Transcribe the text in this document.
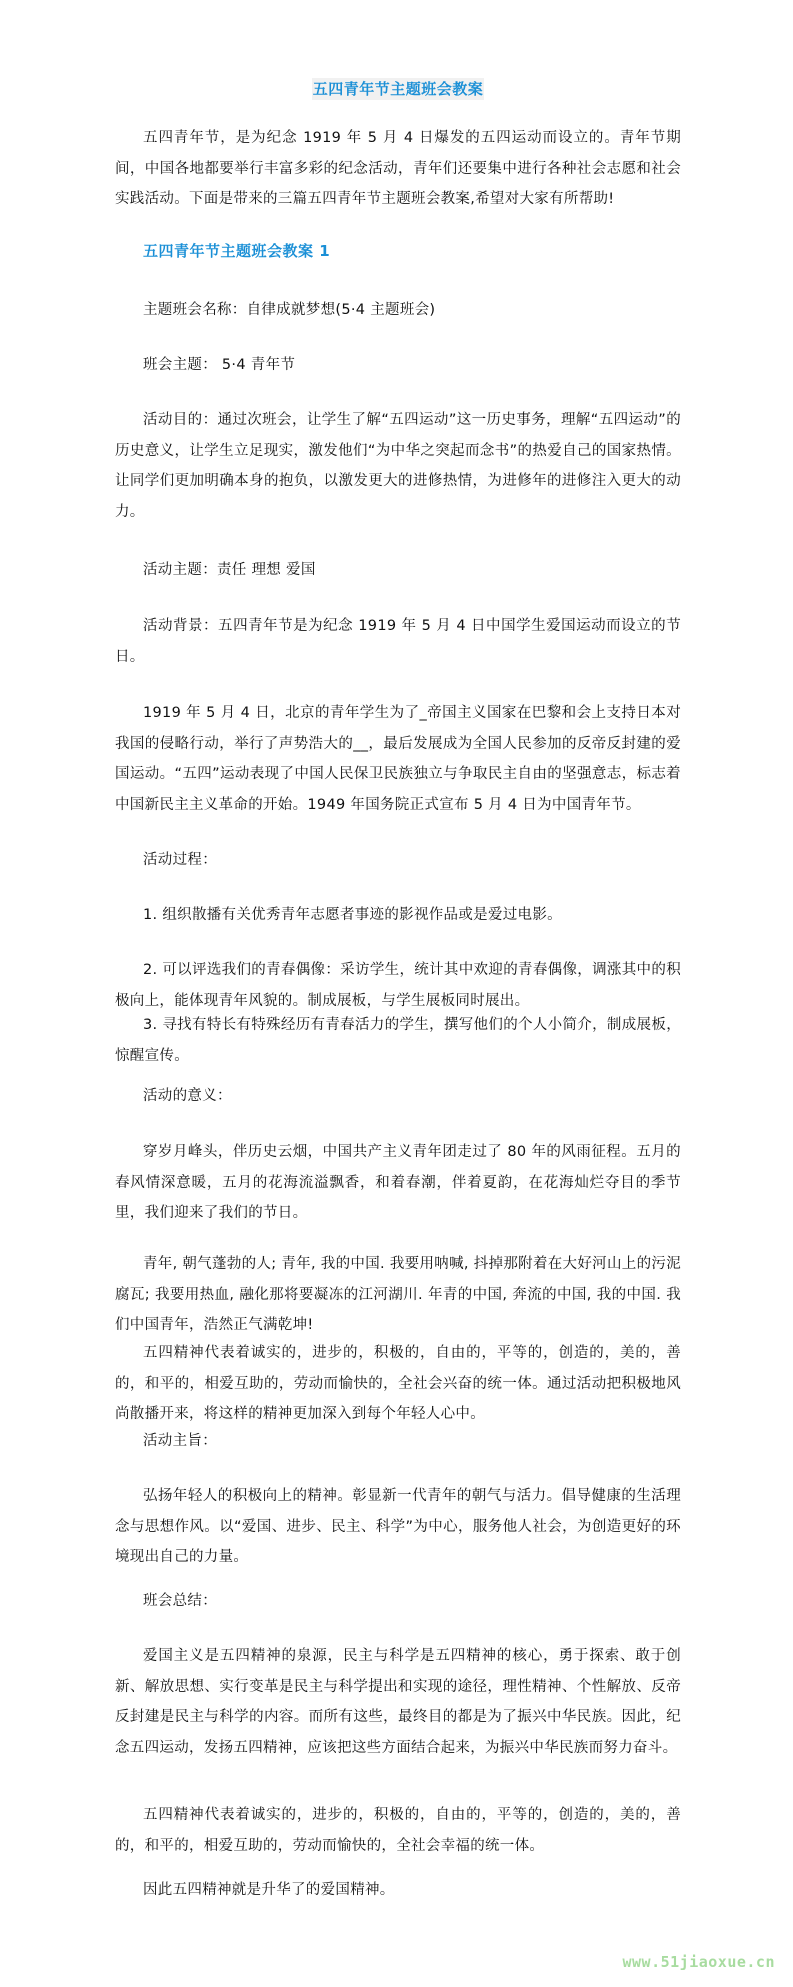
五四青年节主题班会教案

五四青年节，是为纪念 1919 年 5 月 4 日爆发的五四运动而设立的。青年节期间，中国各地都要举行丰富多彩的纪念活动，青年们还要集中进行各种社会志愿和社会实践活动。下面是带来的三篇五四青年节主题班会教案,希望对大家有所帮助!

五四青年节主题班会教案 1

主题班会名称：自律成就梦想(5·4 主题班会)

班会主题： 5·4 青年节

活动目的：通过次班会，让学生了解“五四运动”这一历史事务，理解“五四运动”的历史意义，让学生立足现实，激发他们“为中华之突起而念书”的热爱自己的国家热情。让同学们更加明确本身的抱负，以激发更大的进修热情，为进修年的进修注入更大的动力。

活动主题：责任 理想 爱国

活动背景：五四青年节是为纪念 1919 年 5 月 4 日中国学生爱国运动而设立的节日。

1919 年 5 月 4 日，北京的青年学生为了_帝国主义国家在巴黎和会上支持日本对我国的侵略行动，举行了声势浩大的__，最后发展成为全国人民参加的反帝反封建的爱国运动。“五四”运动表现了中国人民保卫民族独立与争取民主自由的坚强意志，标志着中国新民主主义革命的开始。1949 年国务院正式宣布 5 月 4 日为中国青年节。

活动过程：

1. 组织散播有关优秀青年志愿者事迹的影视作品或是爱过电影。

2. 可以评选我们的青春偶像：采访学生，统计其中欢迎的青春偶像，调涨其中的积极向上，能体现青年风貌的。制成展板，与学生展板同时展出。

3. 寻找有特长有特殊经历有青春活力的学生，撰写他们的个人小简介，制成展板，惊醒宣传。

活动的意义：

穿岁月峰头，伴历史云烟，中国共产主义青年团走过了 80 年的风雨征程。五月的春风情深意暖，五月的花海流溢飘香，和着春潮，伴着夏韵，在花海灿烂夺目的季节里，我们迎来了我们的节日。

青年, 朝气蓬勃的人; 青年, 我的中国. 我要用呐喊, 抖掉那附着在大好河山上的污泥腐瓦; 我要用热血, 融化那将要凝冻的江河湖川. 年青的中国, 奔流的中国, 我的中国. 我们中国青年，浩然正气满乾坤!

五四精神代表着诚实的，进步的，积极的，自由的，平等的，创造的，美的，善的，和平的，相爱互助的，劳动而愉快的，全社会兴奋的统一体。通过活动把积极地风尚散播开来，将这样的精神更加深入到每个年轻人心中。

活动主旨：

弘扬年轻人的积极向上的精神。彰显新一代青年的朝气与活力。倡导健康的生活理念与思想作风。以“爱国、进步、民主、科学”为中心，服务他人社会，为创造更好的环境现出自己的力量。

班会总结：

爱国主义是五四精神的泉源，民主与科学是五四精神的核心，勇于探索、敢于创新、解放思想、实行变革是民主与科学提出和实现的途径，理性精神、个性解放、反帝反封建是民主与科学的内容。而所有这些，最终目的都是为了振兴中华民族。因此，纪念五四运动，发扬五四精神，应该把这些方面结合起来，为振兴中华民族而努力奋斗。

五四精神代表着诚实的，进步的，积极的，自由的，平等的，创造的，美的，善的，和平的，相爱互助的，劳动而愉快的，全社会幸福的统一体。

因此五四精神就是升华了的爱国精神。

www.51jiaoxue.cn
